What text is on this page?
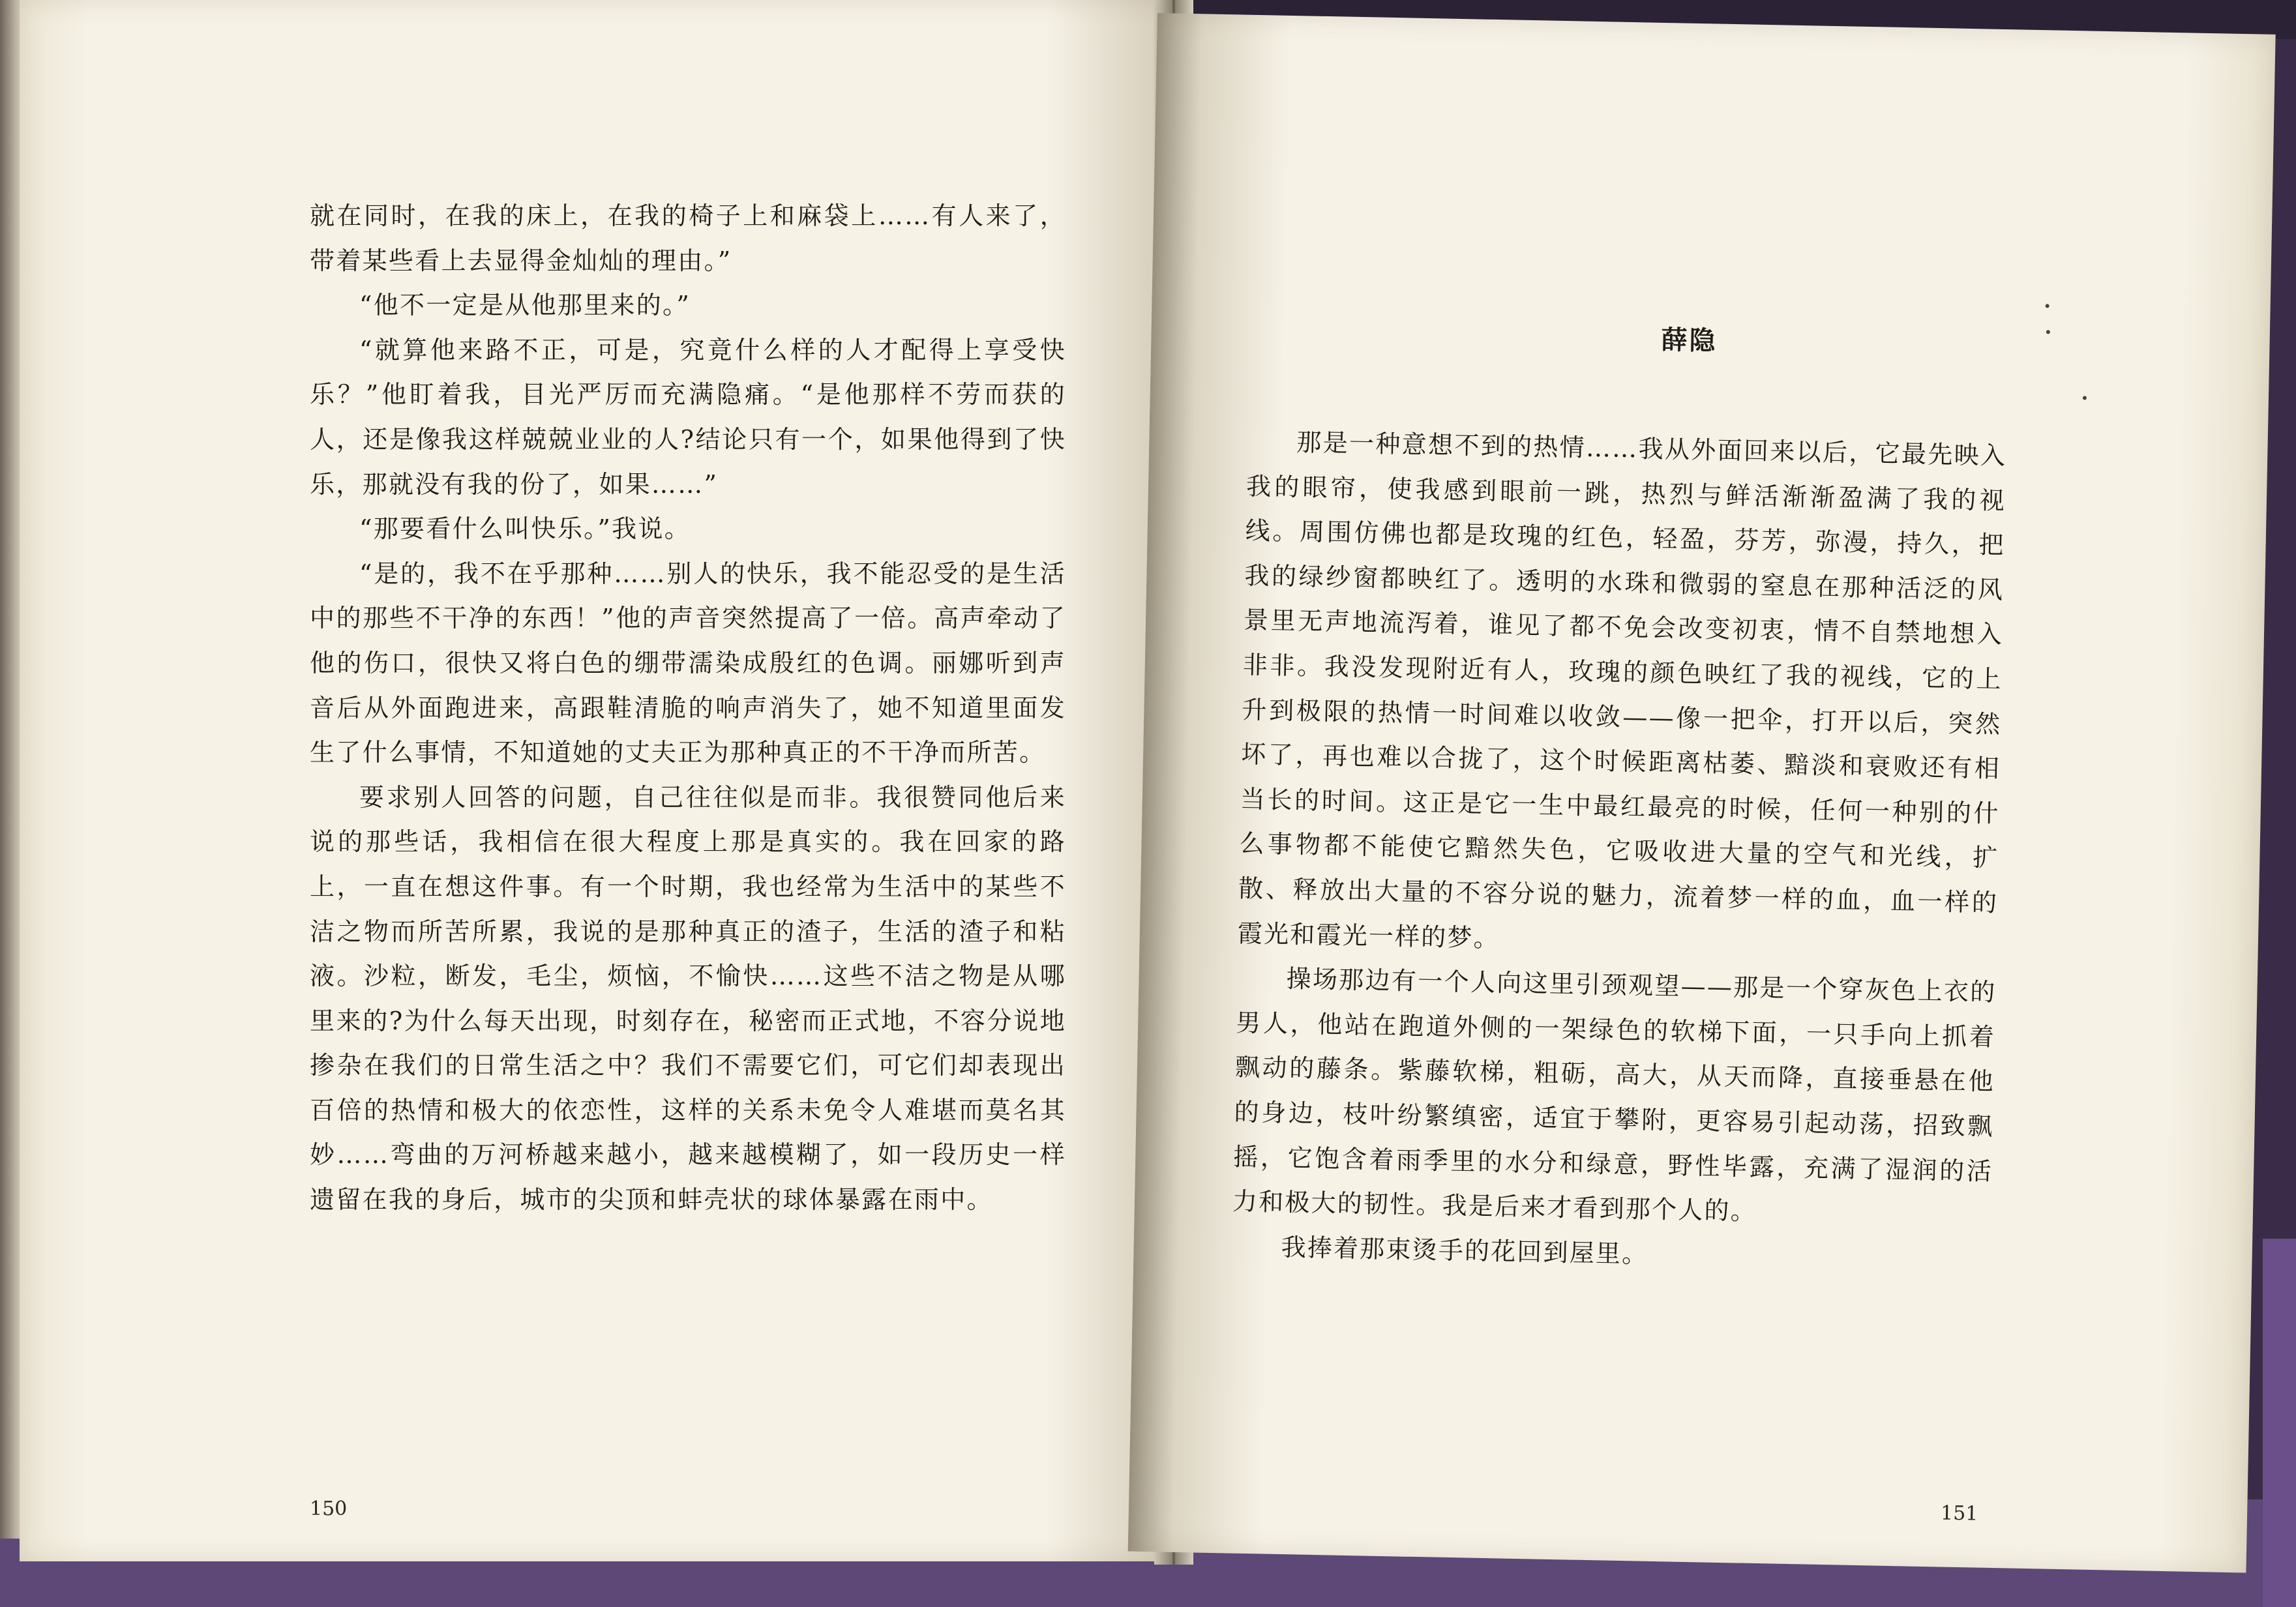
就在同时，在我的床上，在我的椅子上和麻袋上……有人来了，带着某些看上去显得金灿灿的理由。”

“他不一定是从他那里来的。”

“就算他来路不正，可是，究竟什么样的人才配得上享受快乐？”他盯着我，目光严厉而充满隐痛。“是他那样不劳而获的人，还是像我这样兢兢业业的人?结论只有一个，如果他得到了快乐，那就没有我的份了，如果……”

“那要看什么叫快乐。”我说。

“是的，我不在乎那种……别人的快乐，我不能忍受的是生活中的那些不干净的东西！”他的声音突然提高了一倍。高声牵动了他的伤口，很快又将白色的绷带濡染成殷红的色调。丽娜听到声音后从外面跑进来，高跟鞋清脆的响声消失了，她不知道里面发生了什么事情，不知道她的丈夫正为那种真正的不干净而所苦。

要求别人回答的问题，自己往往似是而非。我很赞同他后来说的那些话，我相信在很大程度上那是真实的。我在回家的路上，一直在想这件事。有一个时期，我也经常为生活中的某些不洁之物而所苦所累，我说的是那种真正的渣子，生活的渣子和粘液。沙粒，断发，毛尘，烦恼，不愉快……这些不洁之物是从哪里来的?为什么每天出现，时刻存在，秘密而正式地，不容分说地掺杂在我们的日常生活之中？我们不需要它们，可它们却表现出百倍的热情和极大的依恋性，这样的关系未免令人难堪而莫名其妙……弯曲的万河桥越来越小，越来越模糊了，如一段历史一样遗留在我的身后，城市的尖顶和蚌壳状的球体暴露在雨中。

150
薛隐

那是一种意想不到的热情……我从外面回来以后，它最先映入我的眼帘，使我感到眼前一跳，热烈与鲜活渐渐盈满了我的视线。周围仿佛也都是玫瑰的红色，轻盈，芬芳，弥漫，持久，把我的绿纱窗都映红了。透明的水珠和微弱的窒息在那种活泛的风景里无声地流泻着，谁见了都不免会改变初衷，情不自禁地想入非非。我没发现附近有人，玫瑰的颜色映红了我的视线，它的上升到极限的热情一时间难以收敛——像一把伞，打开以后，突然坏了，再也难以合拢了，这个时候距离枯萎、黯淡和衰败还有相当长的时间。这正是它一生中最红最亮的时候，任何一种别的什么事物都不能使它黯然失色，它吸收进大量的空气和光线，扩散、释放出大量的不容分说的魅力，流着梦一样的血，血一样的霞光和霞光一样的梦。

操场那边有一个人向这里引颈观望——那是一个穿灰色上衣的男人，他站在跑道外侧的一架绿色的软梯下面，一只手向上抓着飘动的藤条。紫藤软梯，粗砺，高大，从天而降，直接垂悬在他的身边，枝叶纷繁缜密，适宜于攀附，更容易引起动荡，招致飘摇，它饱含着雨季里的水分和绿意，野性毕露，充满了湿润的活力和极大的韧性。我是后来才看到那个人的。

我捧着那束烫手的花回到屋里。

151
